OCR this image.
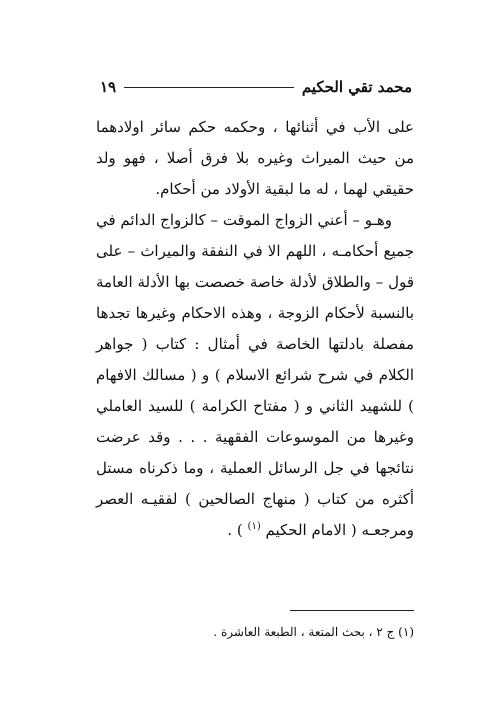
محمد تقي الحكيم
١٩

على الأب في أثنائها ، وحكمه حكم سائر اولادهما من حيث الميراث وغيره بلا فرق أصلا ، فهو ولد حقيقي لهما ، له ما لبقية الأولاد من أحكام.

وهـو – أعني الزواج الموقت – كالزواج الدائم في جميع أحكامـه ، اللهم الا في النفقة والميراث – على قول – والطلاق لأدلة خاصة خصصت بها الأدلة العامة بالنسبة لأحكام الزوجة ، وهذه الاحكام وغيرها تجدها مفصلة بادلتها الخاصة في أمثال : كتاب ( جواهر الكلام في شرح شرائع الاسلام ) و ( مسالك الافهام ) للشهيد الثاني و ( مفتاح الكرامة ) للسيد العاملي وغيرها من الموسوعات الفقهية . . . وقد عرضت نتائجها في جل الرسائل العملية ، وما ذكرناه مستل أكثره من كتاب ( منهاج الصالحين ) لفقيـه العصر ومرجعـه ( الامام الحكيم $^{(١)}$ ) .

(١) ج ٢ ، بحث المتعة ، الطبعة العاشرة .
